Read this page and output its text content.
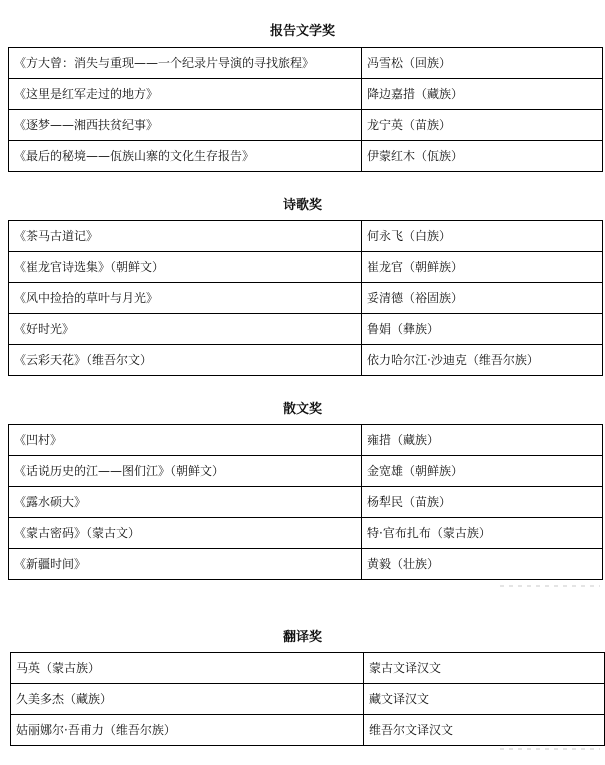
报告文学奖
《方大曾：消失与重现——一个纪录片导演的寻找旅程》	冯雪松（回族）
《这里是红军走过的地方》	降边嘉措（藏族）
《逐梦——湘西扶贫纪事》	龙宁英（苗族）
《最后的秘境——佤族山寨的文化生存报告》	伊蒙红木（佤族）
诗歌奖
《茶马古道记》	何永飞（白族）
《崔龙官诗选集》（朝鲜文）	崔龙官（朝鲜族）
《风中捡拾的草叶与月光》	妥清德（裕固族）
《好时光》	鲁娟（彝族）
《云彩天花》（维吾尔文）	依力哈尔江·沙迪克（维吾尔族）
散文奖
《凹村》	雍措（藏族）
《话说历史的江——图们江》（朝鲜文）	金宽雄（朝鲜族）
《露水硕大》	杨犁民（苗族）
《蒙古密码》（蒙古文）	特·官布扎布（蒙古族）
《新疆时间》	黄毅（壮族）
翻译奖
马英（蒙古族）	蒙古文译汉文
久美多杰（藏族）	藏文译汉文
姑丽娜尔·吾甫力（维吾尔族）	维吾尔文译汉文
